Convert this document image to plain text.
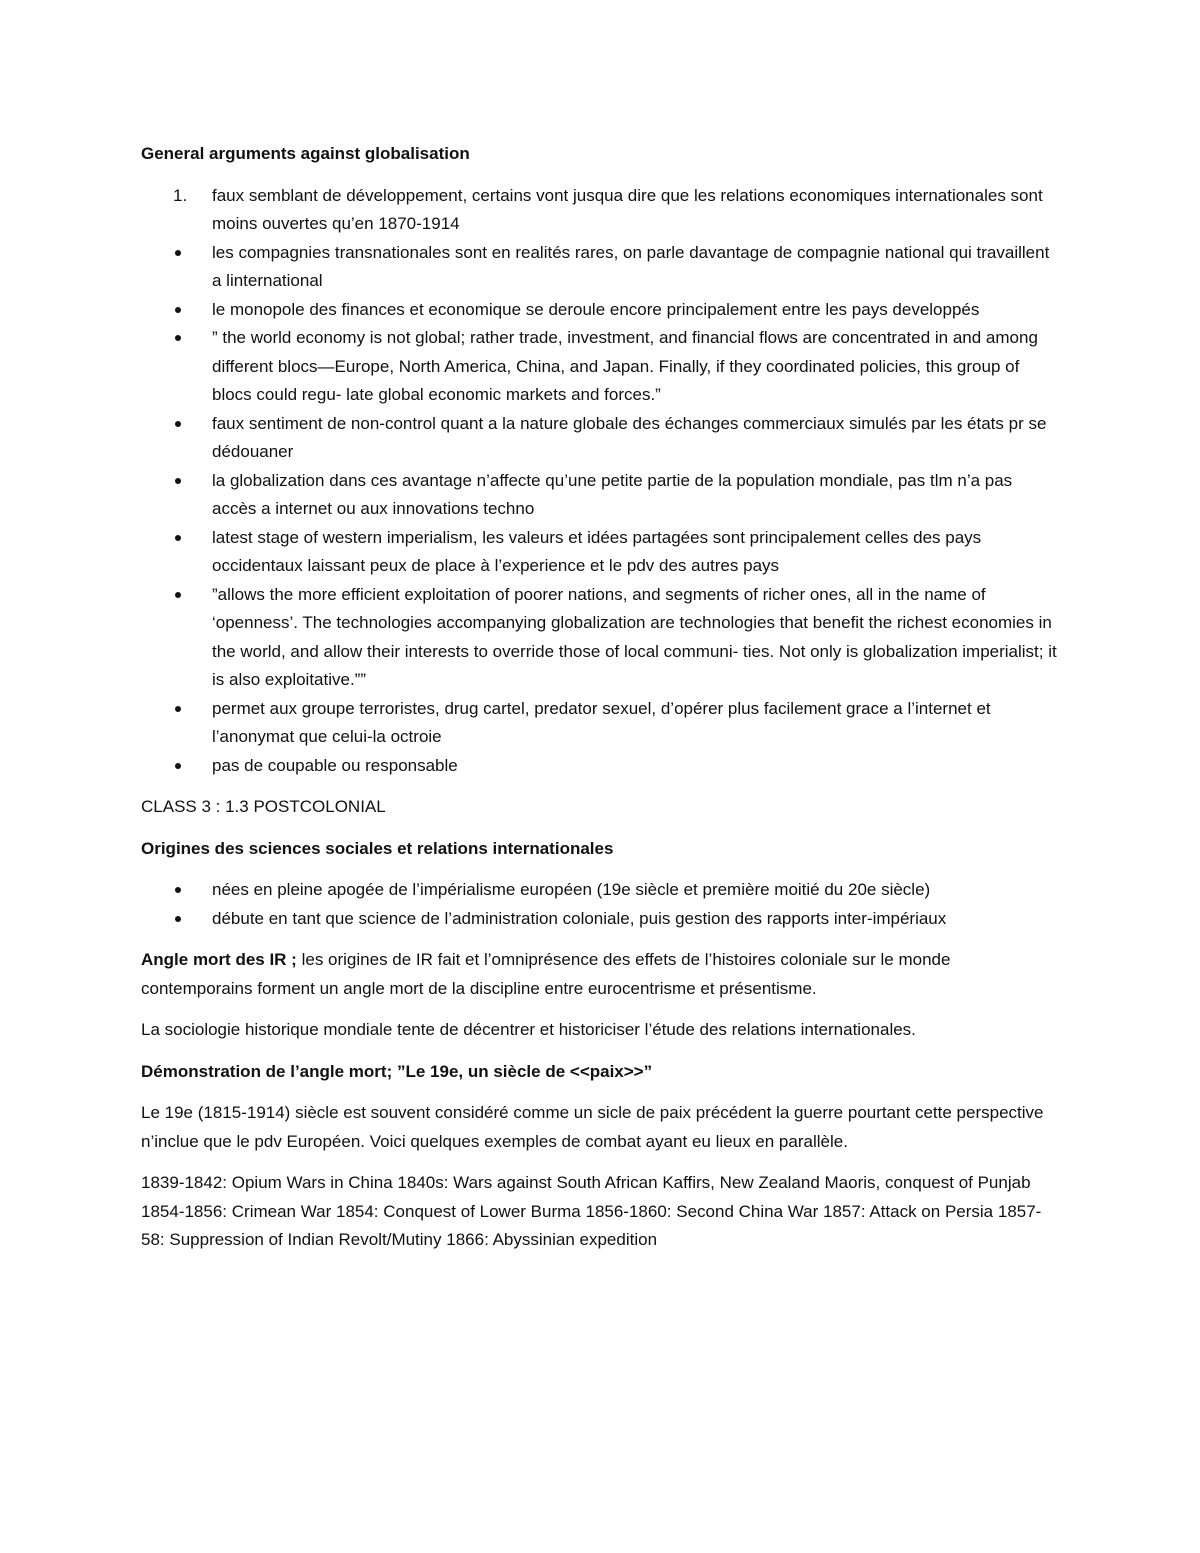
General arguments against globalisation

1.	faux semblant de développement, certains vont jusqua dire que les relations economiques internationales sont moins ouvertes qu’en 1870-1914
les compagnies transnationales sont en realités rares, on parle davantage de compagnie national qui travaillent a linternational
le monopole des finances et economique se deroule encore principalement entre les pays developpés
” the world economy is not global; rather trade, investment, and financial flows are concentrated in and among different blocs—Europe, North America, China, and Japan. Finally, if they coordinated policies, this group of blocs could regu- late global economic markets and forces.”
faux sentiment de non-control quant a la nature globale des échanges commerciaux simulés par les états pr se dédouaner
la globalization dans ces avantage n’affecte qu’une petite partie de la population mondiale, pas tlm n’a pas accès a internet ou aux innovations techno
latest stage of western imperialism, les valeurs et idées partagées sont principalement celles des pays occidentaux laissant peux de place à l’experience et le pdv des autres pays
”allows the more efficient exploitation of poorer nations, and segments of richer ones, all in the name of ‘openness’. The technologies accompanying globalization are technologies that benefit the richest economies in the world, and allow their interests to override those of local communi- ties. Not only is globalization imperialist; it is also exploitative.””
permet aux groupe terroristes, drug cartel, predator sexuel, d’opérer plus facilement grace a l’internet et l’anonymat que celui-la octroie
pas de coupable ou responsable

CLASS 3 : 1.3 POSTCOLONIAL

Origines des sciences sociales et relations internationales

nées en pleine apogée de l’impérialisme européen (19e siècle et première moitié du 20e siècle)
débute en tant que science de l’administration coloniale, puis gestion des rapports inter-impériaux

Angle mort des IR ; les origines de IR fait et l’omniprésence des effets de l’histoires coloniale sur le monde contemporains forment un angle mort de la discipline entre eurocentrisme et présentisme.

La sociologie historique mondiale tente de décentrer et historiciser l’étude des relations internationales.

Démonstration de l’angle mort; ”Le 19e, un siècle de <<paix>>”

Le 19e (1815-1914) siècle est souvent considéré comme un sicle de paix précédent la guerre pourtant cette perspective n’inclue que le pdv Européen. Voici quelques exemples de combat ayant eu lieux en parallèle.

1839-1842: Opium Wars in China 1840s: Wars against South African Kaffirs, New Zealand Maoris, conquest of Punjab 1854-1856: Crimean War 1854: Conquest of Lower Burma 1856-1860: Second China War 1857: Attack on Persia 1857-58: Suppression of Indian Revolt/Mutiny 1866: Abyssinian expedition
